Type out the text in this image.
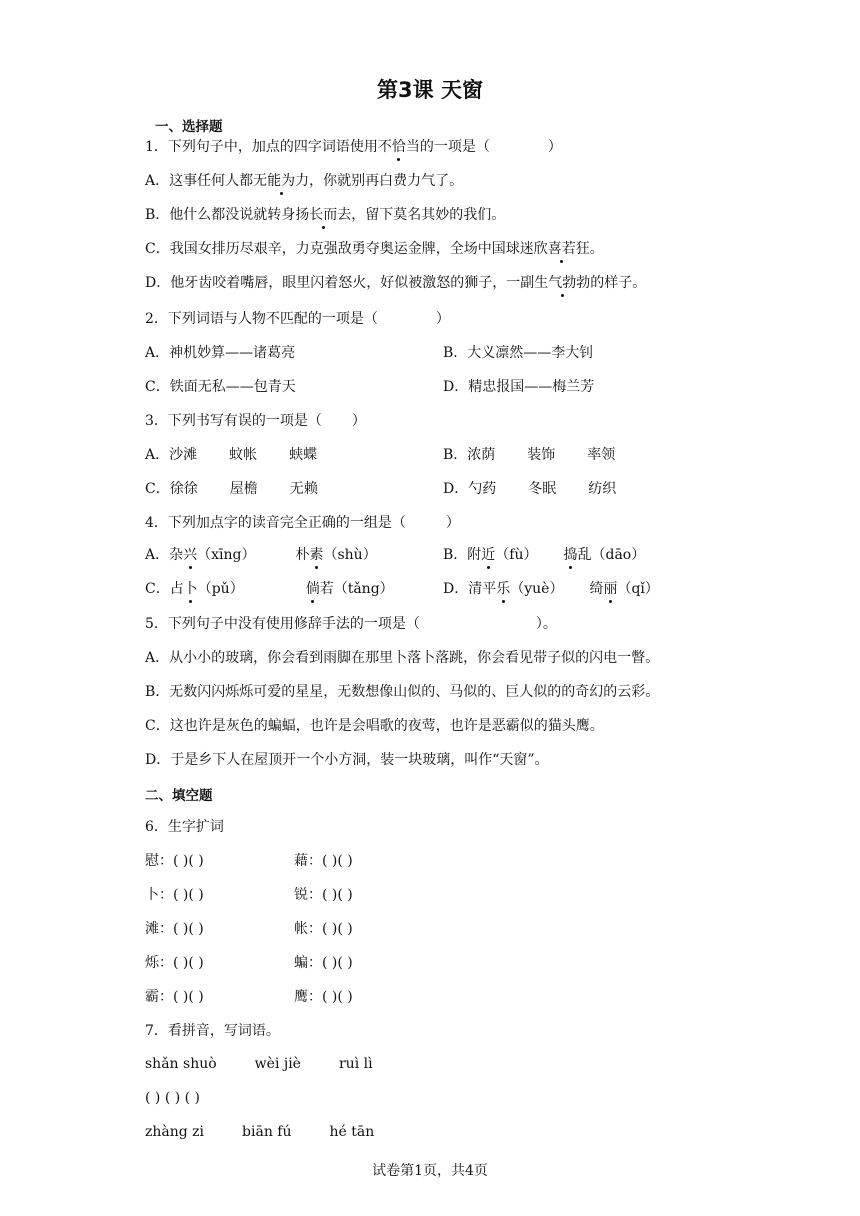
第3课 天窗
一、选择题
1．下列句子中，加点的四字词语使用不恰当的一项是（	）
A．这事任何人都无能为力，你就别再白费力气了。
B．他什么都没说就转身扬长而去，留下莫名其妙的我们。
C．我国女排历尽艰辛，力克强敌勇夺奥运金牌，全场中国球迷欣喜若狂。
D．他牙齿咬着嘴唇，眼里闪着怒火，好似被激怒的狮子，一副生气勃勃的样子。
2．下列词语与人物不匹配的一项是（	）
A．神机妙算——诸葛亮	B．大义凛然——李大钊
C．铁面无私——包青天	D．精忠报国——梅兰芳
3．下列书写有误的一项是（ ）
A．沙滩 蚊帐 蛱蝶	B．浓荫 装饰 率领
C．徐徐 屋檐 无赖	D．勺药 冬眠 纺织
4．下列加点字的读音完全正确的一组是（	）
A．杂兴（xīng）	朴素（shù）	B．附近（fù） 捣乱（dāo）
C．占卜（pǔ）	倘若（tǎng）	D．清平乐（yuè） 绮丽（qǐ）
5．下列句子中没有使用修辞手法的一项是（	）。
A．从小小的玻璃，你会看到雨脚在那里卜落卜落跳，你会看见带子似的闪电一瞥。
B．无数闪闪烁烁可爱的星星，无数想像山似的、马似的、巨人似的的奇幻的云彩。
C．这也许是灰色的蝙蝠，也许是会唱歌的夜莺，也许是恶霸似的猫头鹰。
D．于是乡下人在屋顶开一个小方洞，装一块玻璃，叫作“天窗”。
二、填空题
6．生字扩词
慰：( )( )	藉：( )( )
卜：( )( )	锐：( )( )
滩：( )( )	帐：( )( )
烁：( )( )	蝙：( )( )
霸：( )( )	鹰：( )( )
7．看拼音，写词语。
shǎn shuò	wèi jiè	ruì lì
( ) ( ) ( )
zhàng zi	biān fú	hé tān
试卷第1页，共4页
